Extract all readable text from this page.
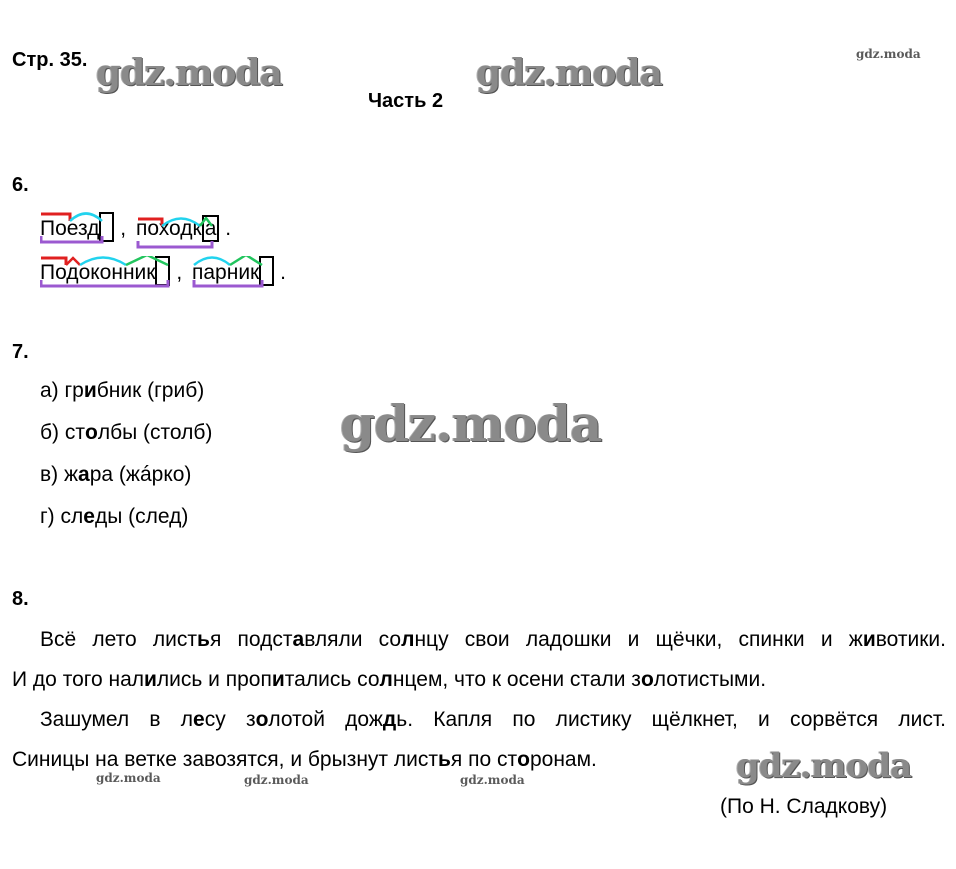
Стр. 35.
Часть 2
gdz.moda	gdz.moda
gdz.moda
gdz.moda
gdz.moda
gdz.moda	gdz.moda	gdz.moda
6.
Поезд , походк а .
Подоконник , парник .
7.
а) грибник (гриб)
б) столбы (столб)
в) жара (жáрко)
г) следы (след)
8.
Всё лето листья подставляли солнцу свои ладошки и щёчки, спинки и животики.
И до того налились и пропитались солнцем, что к осени стали золотистыми.
Зашумел в лесу золотой дождь. Капля по листику щёлкнет, и сорвётся лист.
Синицы на ветке завозятся, и брызнут листья по сторонам.
(По Н. Сладкову)
